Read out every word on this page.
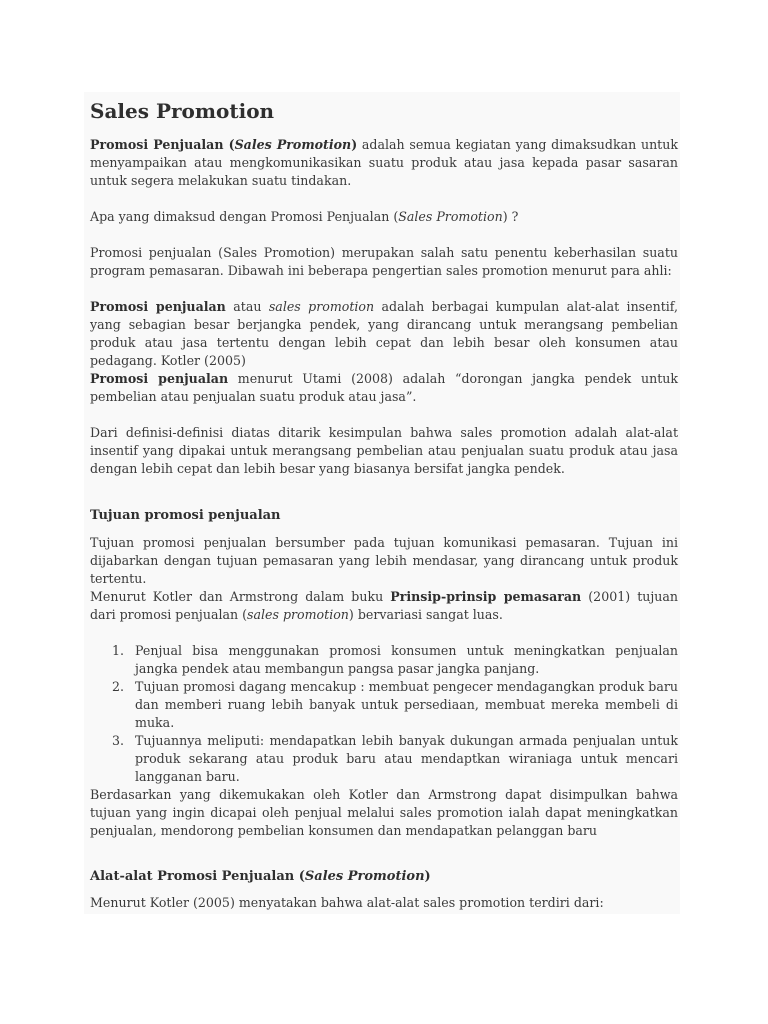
Sales Promotion

Promosi Penjualan (Sales Promotion) adalah semua kegiatan yang dimaksudkan untuk menyampaikan atau mengkomunikasikan suatu produk atau jasa kepada pasar sasaran untuk segera melakukan suatu tindakan.

Apa yang dimaksud dengan Promosi Penjualan (Sales Promotion) ?

Promosi penjualan (Sales Promotion) merupakan salah satu penentu keberhasilan suatu program pemasaran. Dibawah ini beberapa pengertian sales promotion menurut para ahli:

Promosi penjualan atau sales promotion adalah berbagai kumpulan alat-alat insentif, yang sebagian besar berjangka pendek, yang dirancang untuk merangsang pembelian produk atau jasa tertentu dengan lebih cepat dan lebih besar oleh konsumen atau pedagang. Kotler (2005)

Promosi penjualan menurut Utami (2008) adalah “dorongan jangka pendek untuk pembelian atau penjualan suatu produk atau jasa”.

Dari definisi-definisi diatas ditarik kesimpulan bahwa sales promotion adalah alat-alat insentif yang dipakai untuk merangsang pembelian atau penjualan suatu produk atau jasa dengan lebih cepat dan lebih besar yang biasanya bersifat jangka pendek.

Tujuan promosi penjualan

Tujuan promosi penjualan bersumber pada tujuan komunikasi pemasaran. Tujuan ini dijabarkan dengan tujuan pemasaran yang lebih mendasar, yang dirancang untuk produk tertentu.

Menurut Kotler dan Armstrong dalam buku Prinsip-prinsip pemasaran (2001) tujuan dari promosi penjualan (sales promotion) bervariasi sangat luas.

1. Penjual bisa menggunakan promosi konsumen untuk meningkatkan penjualan jangka pendek atau membangun pangsa pasar jangka panjang.
2. Tujuan promosi dagang mencakup : membuat pengecer mendagangkan produk baru dan memberi ruang lebih banyak untuk persediaan, membuat mereka membeli di muka.
3. Tujuannya meliputi: mendapatkan lebih banyak dukungan armada penjualan untuk produk sekarang atau produk baru atau mendaptkan wiraniaga untuk mencari langganan baru.

Berdasarkan yang dikemukakan oleh Kotler dan Armstrong dapat disimpulkan bahwa tujuan yang ingin dicapai oleh penjual melalui sales promotion ialah dapat meningkatkan penjualan, mendorong pembelian konsumen dan mendapatkan pelanggan baru

Alat-alat Promosi Penjualan (Sales Promotion)

Menurut Kotler (2005) menyatakan bahwa alat-alat sales promotion terdiri dari:
